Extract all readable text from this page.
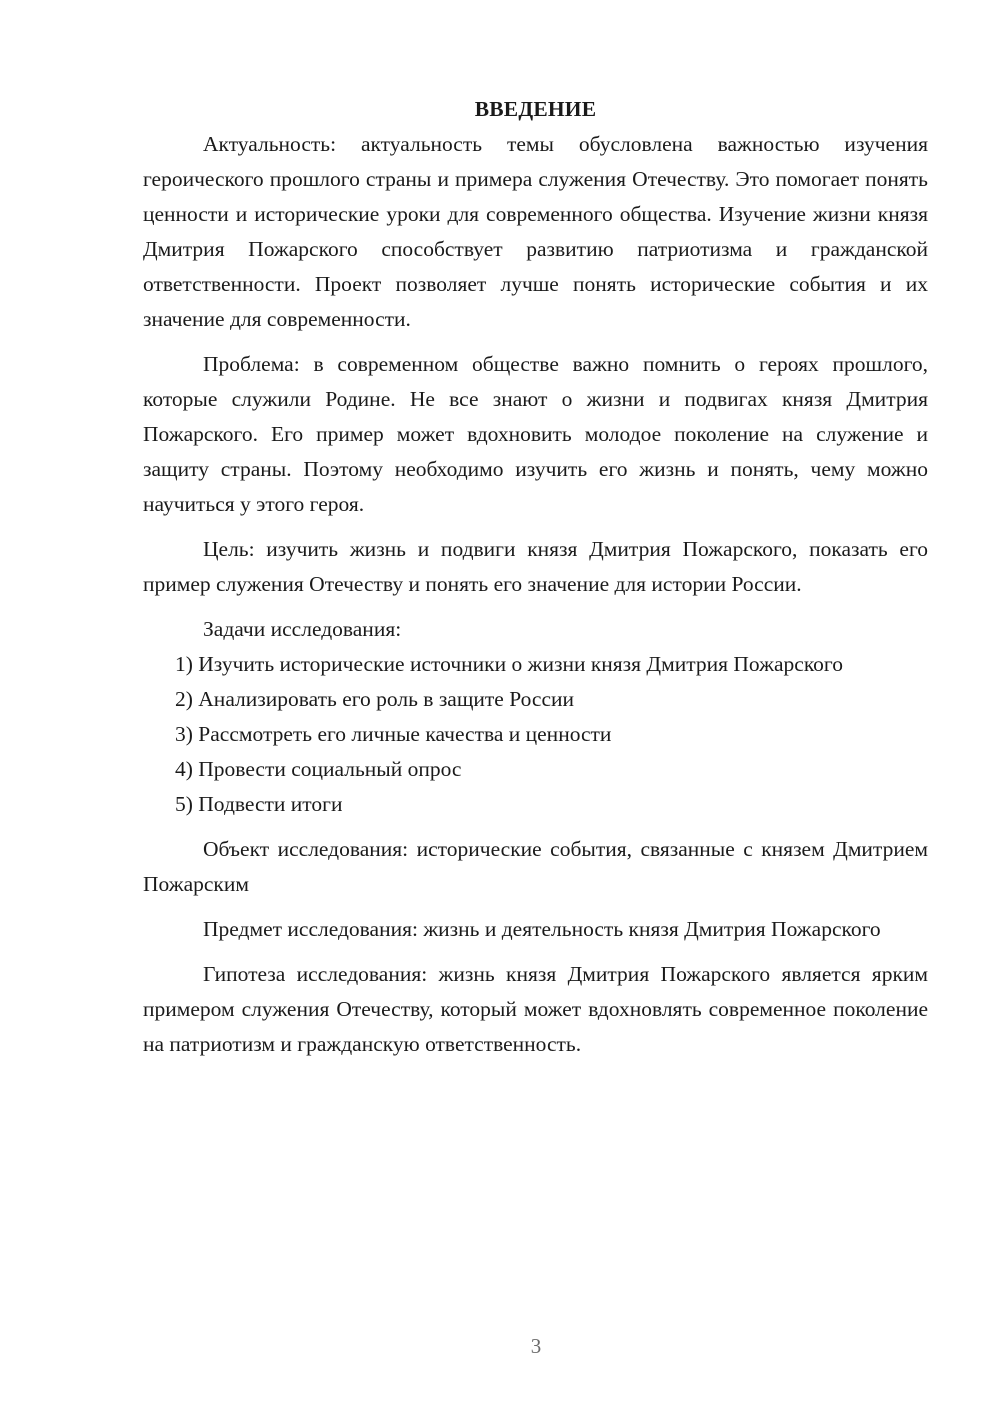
ВВЕДЕНИЕ

Актуальность: актуальность темы обусловлена важностью изучения героического прошлого страны и примера служения Отечеству. Это помогает понять ценности и исторические уроки для современного общества. Изучение жизни князя Дмитрия Пожарского способствует развитию патриотизма и гражданской ответственности. Проект позволяет лучше понять исторические события и их значение для современности.

Проблема: в современном обществе важно помнить о героях прошлого, которые служили Родине. Не все знают о жизни и подвигах князя Дмитрия Пожарского. Его пример может вдохновить молодое поколение на служение и защиту страны. Поэтому необходимо изучить его жизнь и понять, чему можно научиться у этого героя.

Цель: изучить жизнь и подвиги князя Дмитрия Пожарского, показать его пример служения Отечеству и понять его значение для истории России.

Задачи исследования:

1) Изучить исторические источники о жизни князя Дмитрия Пожарского

2) Анализировать его роль в защите России

3) Рассмотреть его личные качества и ценности

4) Провести социальный опрос

5) Подвести итоги

Объект исследования: исторические события, связанные с князем Дмитрием Пожарским

Предмет исследования: жизнь и деятельность князя Дмитрия Пожарского

Гипотеза исследования: жизнь князя Дмитрия Пожарского является ярким примером служения Отечеству, который может вдохновлять современное поколение на патриотизм и гражданскую ответственность.

3
